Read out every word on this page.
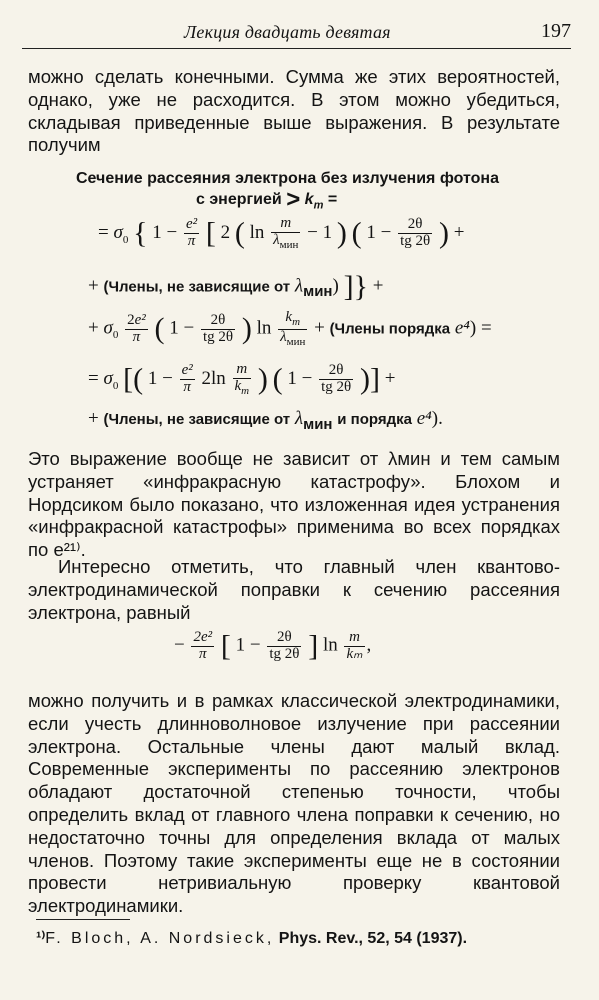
Лекция двадцать девятая	197
можно сделать конечными. Сумма же этих вероятностей, однако, уже не расходится. В этом можно убедиться, складывая приведенные выше выражения. В результате получим
Сечение рассеяния электрона без излучения фотона
с энергией > $k_m$ =
= $\sigma_0$ { $1 - \frac{\text{e²}}{\pi}$ [ 2 ( $\ln \frac{m}{\lambda_{мин}} - 1$ ) ( $1 - \frac{2\theta}{tg 2\theta}$ ) +
+ (Члены, не зависящие от $\lambda_{мин}$) ]} +
+ $\sigma_0 \frac{\text{2e²}}{\pi}$ ( $1 - \frac{2\theta}{tg 2\theta}$ ) $\ln \frac{k_m}{\lambda_{мин}}$ + (Члены порядка e⁴) =
= $\sigma_0$ [( $1 - \frac{\text{e²}}{\pi} 2\ln \frac{m}{k_m}$ ) ( $1 - \frac{2\theta}{tg 2\theta}$ )] +
+ (Члены, не зависящие от $\lambda_{мин}$ и порядка e⁴).
Это выражение вообще не зависит от λмин и тем самым устраняет «инфракрасную катастрофу». Блохом и Нордсиком было показано, что изложенная идея устранения «инфракрасной катастрофы» применима во всех порядках по e²¹⁾.
Интересно отметить, что главный член квантово-электродинамической поправки к сечению рассеяния электрона, равный
− $\frac{\text{2e²}}{\pi}$ [ $1 - \frac{2\theta}{tg 2\theta}$ ] $\ln \frac{m}{\text{kₘ}}$ ,
можно получить и в рамках классической электродинамики, если учесть длинноволновое излучение при рассеянии электрона. Остальные члены дают малый вклад. Современные эксперименты по рассеянию электронов обладают достаточной степенью точности, чтобы определить вклад от главного члена поправки к сечению, но недостаточно точны для определения вклада от малых членов. Поэтому такие эксперименты еще не в состоянии провести нетривиальную проверку квантовой электродинамики.
¹⁾F. Bloch, A. Nordsieck, Phys. Rev., 52, 54 (1937).
